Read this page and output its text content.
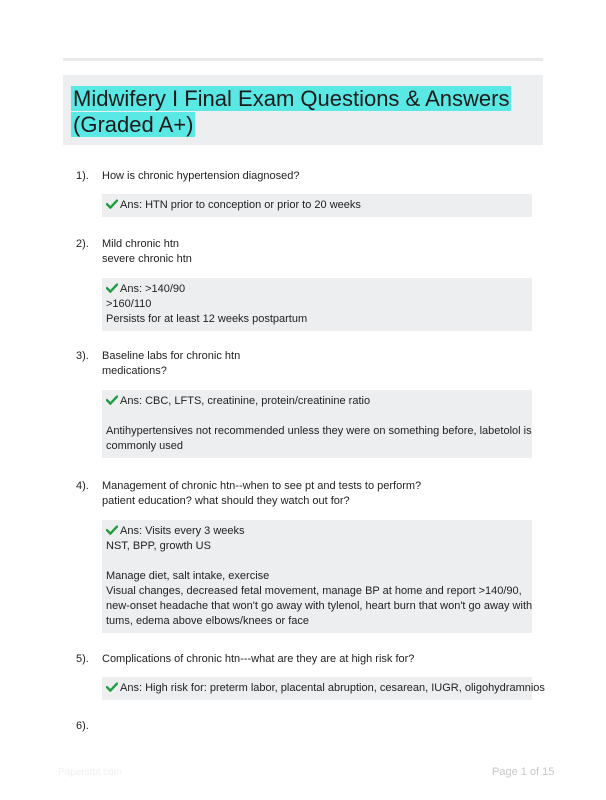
Midwifery I Final Exam Questions & Answers
(Graded A+)
1). How is chronic hypertension diagnosed?
Ans: HTN prior to conception or prior to 20 weeks
2). Mild chronic htn
severe chronic htn
Ans: >140/90
>160/110
Persists for at least 12 weeks postpartum
3). Baseline labs for chronic htn
medications?
Ans: CBC, LFTS, creatinine, protein/creatinine ratio
Antihypertensives not recommended unless they were on something before, labetolol is
commonly used
4). Management of chronic htn--when to see pt and tests to perform?
patient education? what should they watch out for?
Ans: Visits every 3 weeks
NST, BPP, growth US
Manage diet, salt intake, exercise
Visual changes, decreased fetal movement, manage BP at home and report >140/90,
new-onset headache that won't go away with tylenol, heart burn that won't go away with
tums, edema above elbows/knees or face
5). Complications of chronic htn---what are they are at high risk for?
Ans: High risk for: preterm labor, placental abruption, cesarean, IUGR, oligohydramnios
6).
Paperstbl.com	Page 1 of 15
